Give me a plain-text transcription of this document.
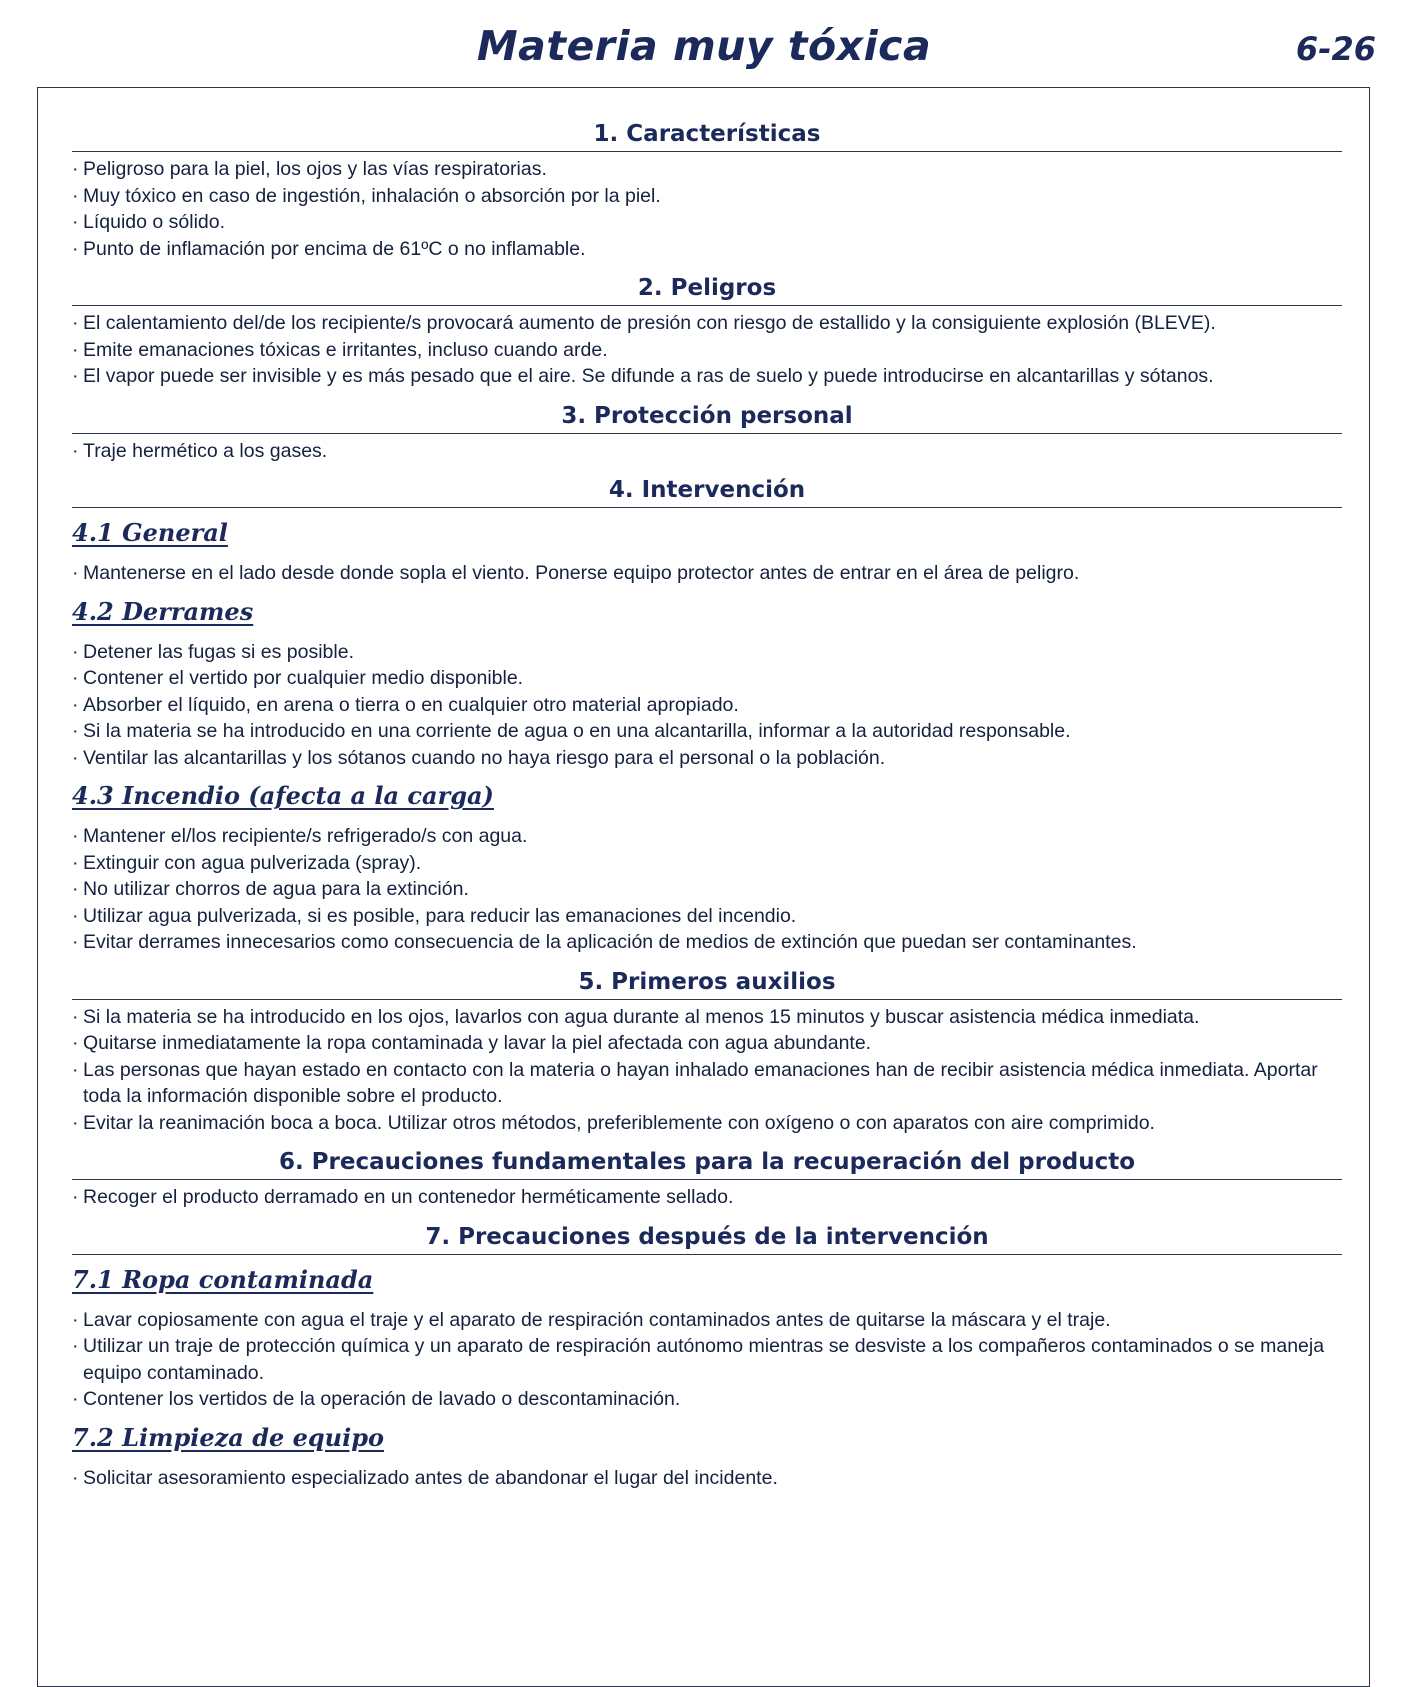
Materia muy tóxica	6-26
1. Características
· Peligroso para la piel, los ojos y las vías respiratorias.
· Muy tóxico en caso de ingestión, inhalación o absorción por la piel.
· Líquido o sólido.
· Punto de inflamación por encima de 61ºC o no inflamable.
2. Peligros
· El calentamiento del/de los recipiente/s provocará aumento de presión con riesgo de estallido y la consiguiente explosión (BLEVE).
· Emite emanaciones tóxicas e irritantes, incluso cuando arde.
· El vapor puede ser invisible y es más pesado que el aire. Se difunde a ras de suelo y puede introducirse en alcantarillas y sótanos.
3. Protección personal
· Traje hermético a los gases.
4. Intervención
4.1 General
· Mantenerse en el lado desde donde sopla el viento. Ponerse equipo protector antes de entrar en el área de peligro.
4.2 Derrames
· Detener las fugas si es posible.
· Contener el vertido por cualquier medio disponible.
· Absorber el líquido, en arena o tierra o en cualquier otro material apropiado.
· Si la materia se ha introducido en una corriente de agua o en una alcantarilla, informar a la autoridad responsable.
· Ventilar las alcantarillas y los sótanos cuando no haya riesgo para el personal o la población.
4.3 Incendio (afecta a la carga)
· Mantener el/los recipiente/s refrigerado/s con agua.
· Extinguir con agua pulverizada (spray).
· No utilizar chorros de agua para la extinción.
· Utilizar agua pulverizada, si es posible, para reducir las emanaciones del incendio.
· Evitar derrames innecesarios como consecuencia de la aplicación de medios de extinción que puedan ser contaminantes.
5. Primeros auxilios
· Si la materia se ha introducido en los ojos, lavarlos con agua durante al menos 15 minutos y buscar asistencia médica inmediata.
· Quitarse inmediatamente la ropa contaminada y lavar la piel afectada con agua abundante.
· Las personas que hayan estado en contacto con la materia o hayan inhalado emanaciones han de recibir asistencia médica inmediata. Aportar toda la información disponible sobre el producto.
· Evitar la reanimación boca a boca. Utilizar otros métodos, preferiblemente con oxígeno o con aparatos con aire comprimido.
6. Precauciones fundamentales para la recuperación del producto
· Recoger el producto derramado en un contenedor herméticamente sellado.
7. Precauciones después de la intervención
7.1 Ropa contaminada
· Lavar copiosamente con agua el traje y el aparato de respiración contaminados antes de quitarse la máscara y el traje.
· Utilizar un traje de protección química y un aparato de respiración autónomo mientras se desviste a los compañeros contaminados o se maneja equipo contaminado.
· Contener los vertidos de la operación de lavado o descontaminación.
7.2 Limpieza de equipo
· Solicitar asesoramiento especializado antes de abandonar el lugar del incidente.
